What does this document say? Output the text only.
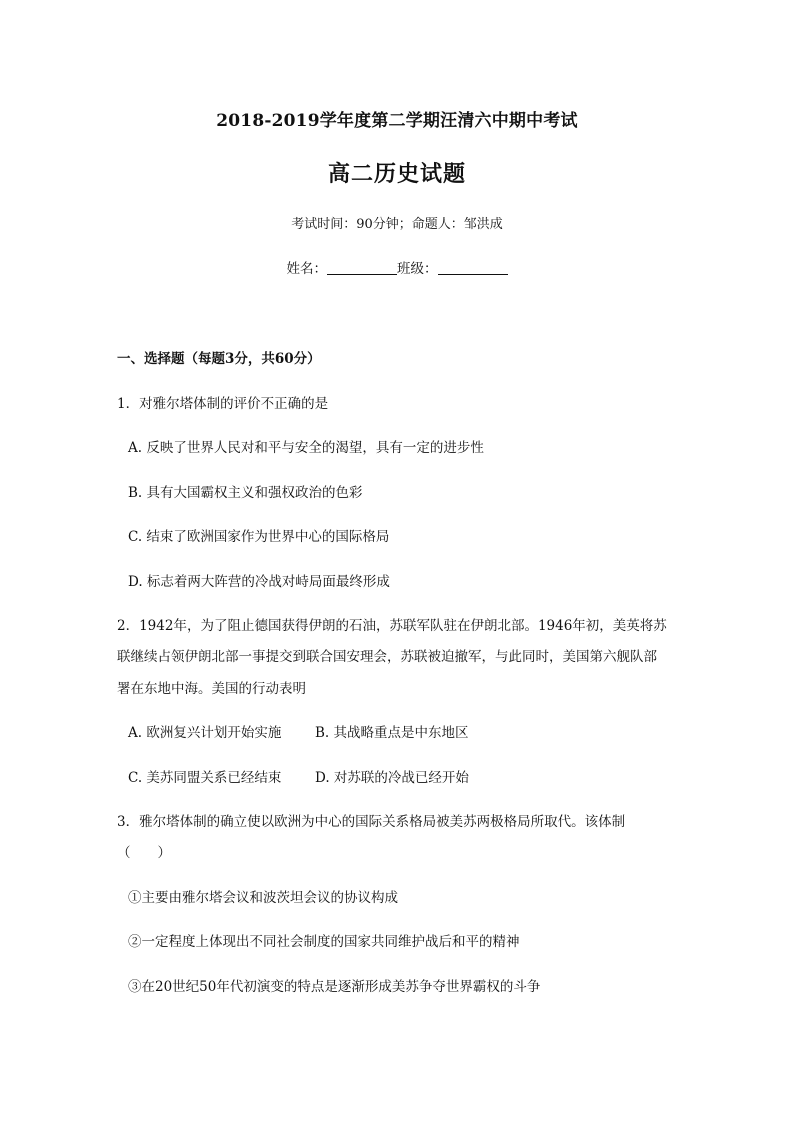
2018-2019学年度第二学期汪清六中期中考试
高二历史试题
考试时间：90分钟；命题人：邹洪成
姓名：	班级：
一、选择题（每题3分，共60分）
1．对雅尔塔体制的评价不正确的是
A. 反映了世界人民对和平与安全的渴望，具有一定的进步性
B. 具有大国霸权主义和强权政治的色彩
C. 结束了欧洲国家作为世界中心的国际格局
D. 标志着两大阵营的冷战对峙局面最终形成
2．1942年，为了阻止德国获得伊朗的石油，苏联军队驻在伊朗北部。1946年初，美英将苏
联继续占领伊朗北部一事提交到联合国安理会，苏联被迫撤军，与此同时，美国第六舰队部
署在东地中海。美国的行动表明
A. 欧洲复兴计划开始实施 B. 其战略重点是中东地区
C. 美苏同盟关系已经结束 D. 对苏联的冷战已经开始
3．雅尔塔体制的确立使以欧洲为中心的国际关系格局被美苏两极格局所取代。该体制
（　　）
①主要由雅尔塔会议和波茨坦会议的协议构成
②一定程度上体现出不同社会制度的国家共同维护战后和平的精神
③在20世纪50年代初演变的特点是逐渐形成美苏争夺世界霸权的斗争
